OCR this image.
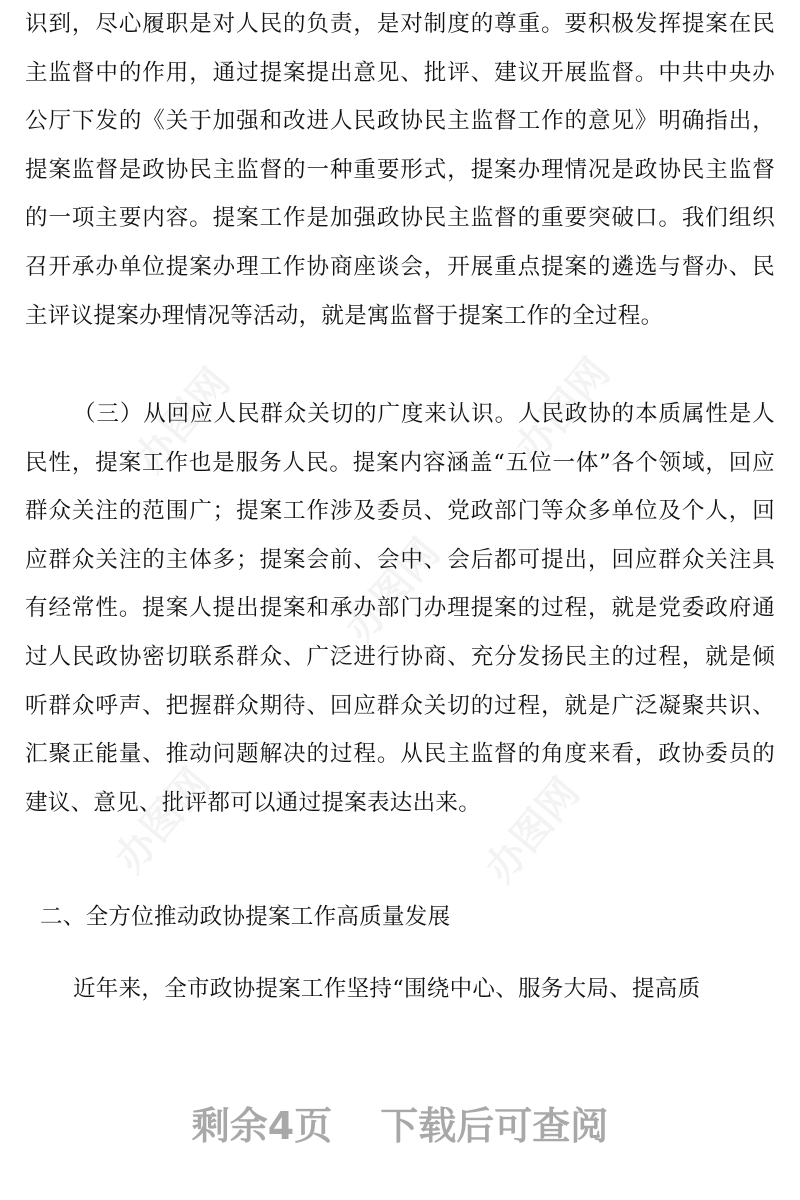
办图网
办图网
办图网
办图网	办图网

识到，尽心履职是对人民的负责，是对制度的尊重。要积极发挥提案在民主监督中的作用，通过提案提出意见、批评、建议开展监督。中共中央办公厅下发的《关于加强和改进人民政协民主监督工作的意见》明确指出，提案监督是政协民主监督的一种重要形式，提案办理情况是政协民主监督的一项主要内容。提案工作是加强政协民主监督的重要突破口。我们组织召开承办单位提案办理工作协商座谈会，开展重点提案的遴选与督办、民主评议提案办理情况等活动，就是寓监督于提案工作的全过程。

（三）从回应人民群众关切的广度来认识。人民政协的本质属性是人民性，提案工作也是服务人民。提案内容涵盖“五位一体”各个领域，回应群众关注的范围广；提案工作涉及委员、党政部门等众多单位及个人，回应群众关注的主体多；提案会前、会中、会后都可提出，回应群众关注具有经常性。提案人提出提案和承办部门办理提案的过程，就是党委政府通过人民政协密切联系群众、广泛进行协商、充分发扬民主的过程，就是倾听群众呼声、把握群众期待、回应群众关切的过程，就是广泛凝聚共识、汇聚正能量、推动问题解决的过程。从民主监督的角度来看，政协委员的建议、意见、批评都可以通过提案表达出来。

二、全方位推动政协提案工作高质量发展

近年来，全市政协提案工作坚持“围绕中心、服务大局、提高质

剩余4页 下载后可查阅
